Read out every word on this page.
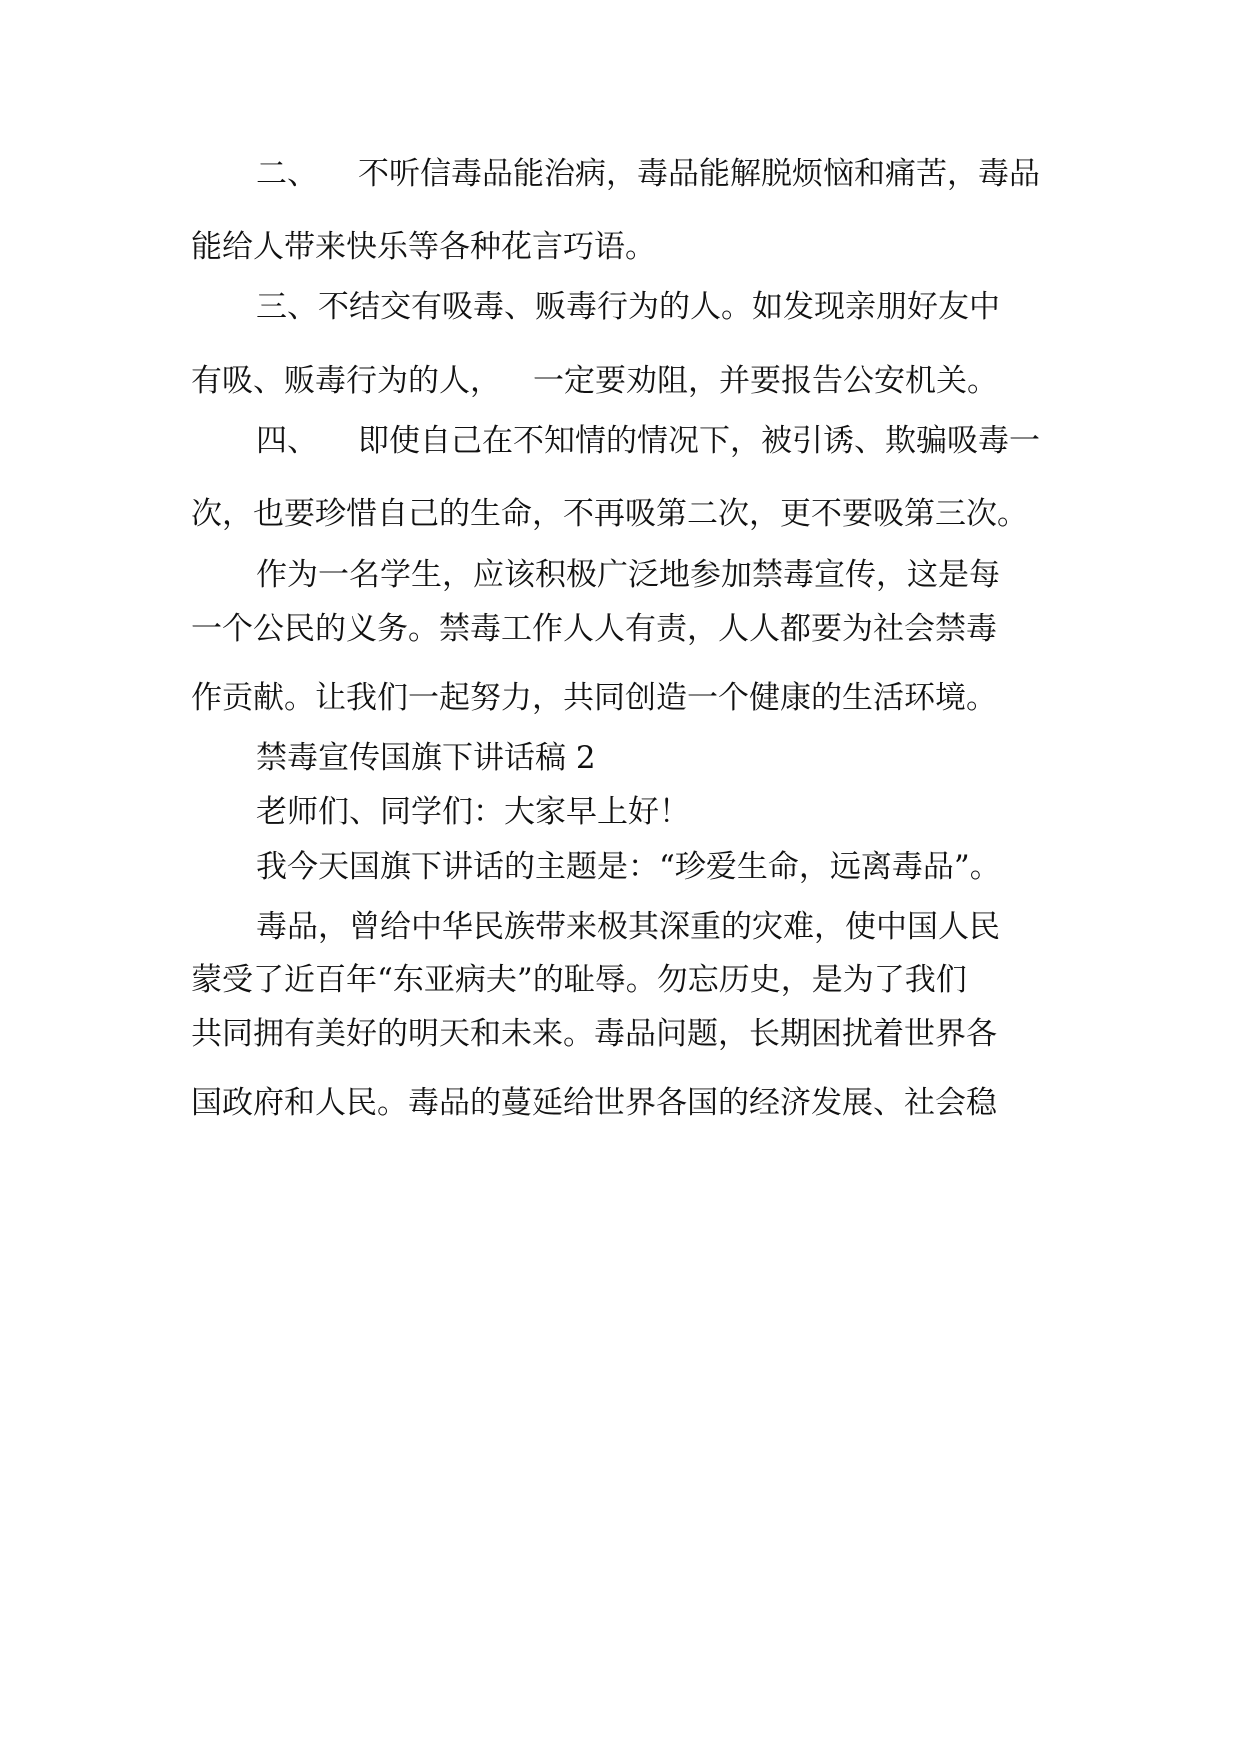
二、 不听信毒品能治病，毒品能解脱烦恼和痛苦，毒品

能给人带来快乐等各种花言巧语。

三、不结交有吸毒、贩毒行为的人。如发现亲朋好友中

有吸、贩毒行为的人， 一定要劝阻，并要报告公安机关。

四、 即使自己在不知情的情况下，被引诱、欺骗吸毒一

次，也要珍惜自己的生命，不再吸第二次，更不要吸第三次。

作为一名学生，应该积极广泛地参加禁毒宣传，这是每

一个公民的义务。禁毒工作人人有责，人人都要为社会禁毒

作贡献。让我们一起努力，共同创造一个健康的生活环境。

禁毒宣传国旗下讲话稿 2

老师们、同学们：大家早上好！

我今天国旗下讲话的主题是：“珍爱生命，远离毒品”。

毒品，曾给中华民族带来极其深重的灾难，使中国人民

蒙受了近百年“东亚病夫”的耻辱。勿忘历史，是为了我们

共同拥有美好的明天和未来。毒品问题，长期困扰着世界各

国政府和人民。毒品的蔓延给世界各国的经济发展、社会稳
